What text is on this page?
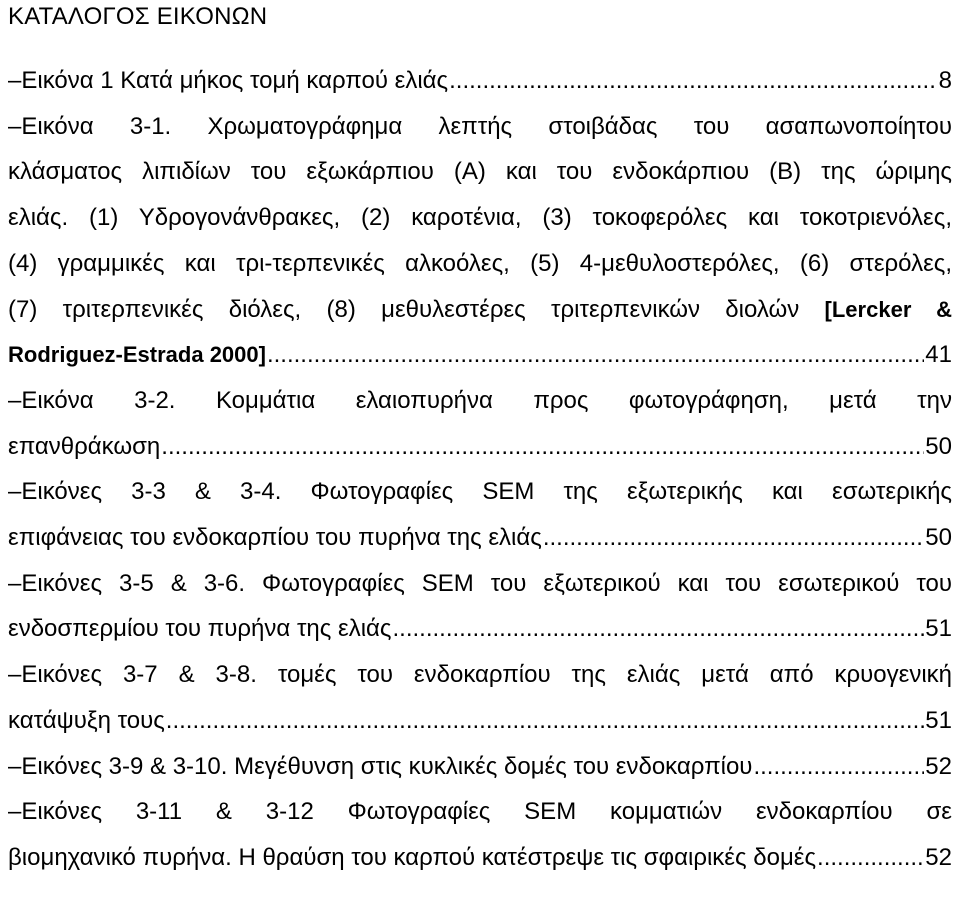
ΚΑΤΑΛΟΓΟΣ ΕΙΚΟΝΩΝ
–Εικόνα 1 Κατά μήκος τομή καρπού ελιάς .....	8
–Εικόνα 3-1. Χρωματογράφημα λεπτής στοιβάδας του ασαπωνοποίητου
κλάσματος λιπιδίων του εξωκάρπιου (Α) και του ενδοκάρπιου (Β) της ώριμης
ελιάς. (1) Υδρογονάνθρακες, (2) καροτένια, (3) τοκοφερόλες και τοκοτριενόλες,
(4) γραμμικές και τρι-τερπενικές αλκοόλες, (5) 4-μεθυλοστερόλες, (6) στερόλες,
(7) τριτερπενικές διόλες, (8) μεθυλεστέρες τριτερπενικών διολών [Lercker &
Rodriguez-Estrada 2000] .....	41
–Εικόνα 3-2. Κομμάτια ελαιοπυρήνα προς φωτογράφηση, μετά την
επανθράκωση .....	50
–Εικόνες 3-3 & 3-4. Φωτογραφίες SEM της εξωτερικής και εσωτερικής
επιφάνειας του ενδοκαρπίου του πυρήνα της ελιάς .....	50
–Εικόνες 3-5 & 3-6. Φωτογραφίες SEM του εξωτερικού και του εσωτερικού του
ενδοσπερμίου του πυρήνα της ελιάς .....	51
–Εικόνες 3-7 & 3-8. τομές του ενδοκαρπίου της ελιάς μετά από κρυογενική
κατάψυξη τους .....	51
–Εικόνες 3-9 & 3-10. Μεγέθυνση στις κυκλικές δομές του ενδοκαρπίου .....	52
–Εικόνες 3-11 & 3-12 Φωτογραφίες SEM κομματιών ενδοκαρπίου σε
βιομηχανικό πυρήνα. Η θραύση του καρπού κατέστρεψε τις σφαιρικές δομές .....	52
